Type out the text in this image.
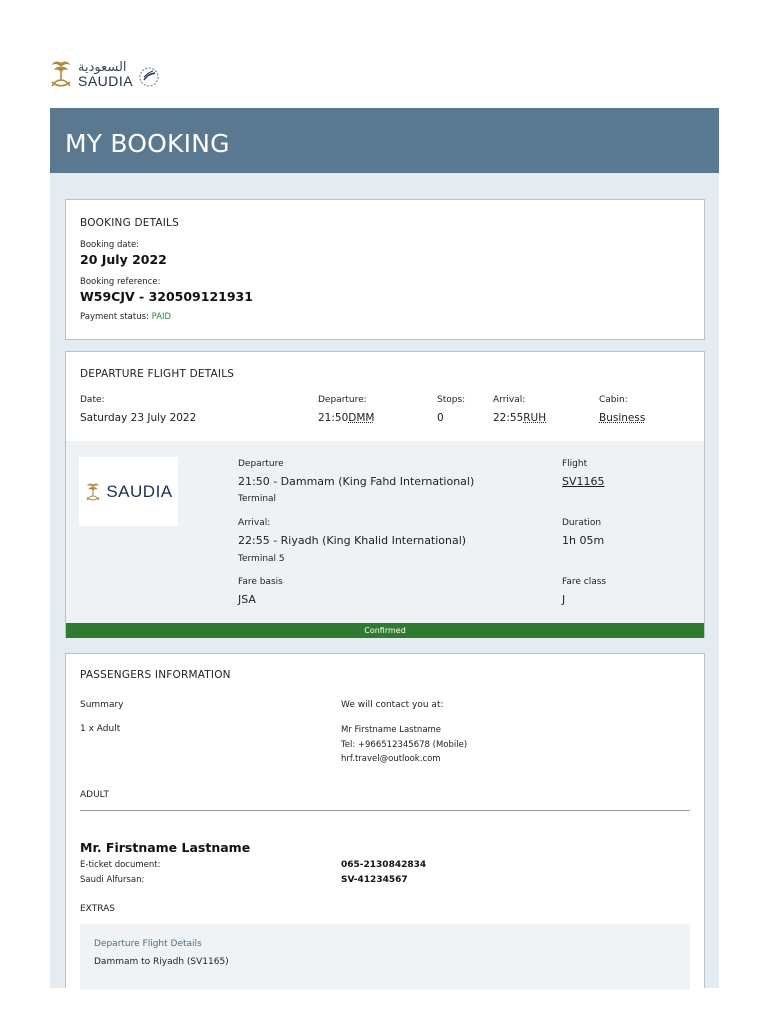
السعودية
SAUDIA
MY BOOKING
BOOKING DETAILS
Booking date:
20 July 2022
Booking reference:
W59CJV - 320509121931
Payment status: PAID
DEPARTURE FLIGHT DETAILS
Date:
Saturday 23 July 2022
Departure:
21:50DMM
Stops:
0
Arrival:
22:55RUH
Cabin:
Business
SAUDIA
Departure
21:50 - Dammam (King Fahd International)
Terminal
Arrival:
22:55 - Riyadh (King Khalid International)
Terminal 5
Fare basis
JSA
Flight
SV1165
Duration
1h 05m
Fare class
J
Confirmed
PASSENGERS INFORMATION
Summary
1 x Adult
We will contact you at:
Mr Firstname Lastname
Tel: +966512345678 (Mobile)
hrf.travel@outlook.com
ADULT
Mr. Firstname Lastname
E-ticket document:	065-2130842834
Saudi Alfursan:	SV-41234567
EXTRAS
Departure Flight Details
Dammam to Riyadh (SV1165)
